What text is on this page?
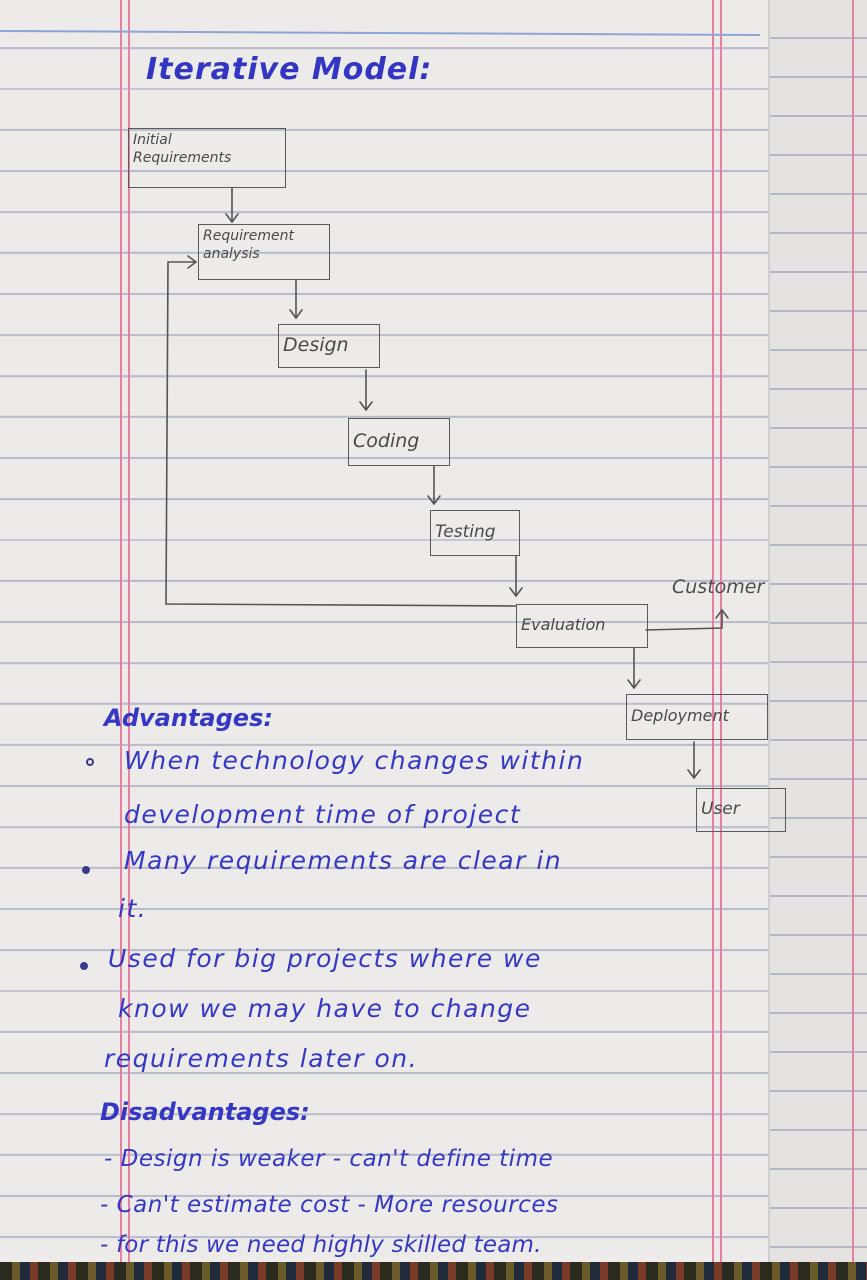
Iterative Model:
Initial
Requirements
Requirement
analysis
Design
Coding
Testing
Evaluation
Deployment
User
Customer
Advantages:
When technology changes within
development time of project
Many requirements are clear in
it.
Used for big projects where we
know we may have to change
requirements later on.
Disadvantages:
- Design is weaker - can't define time
- Can't estimate cost - More resources
- for this we need highly skilled team.
